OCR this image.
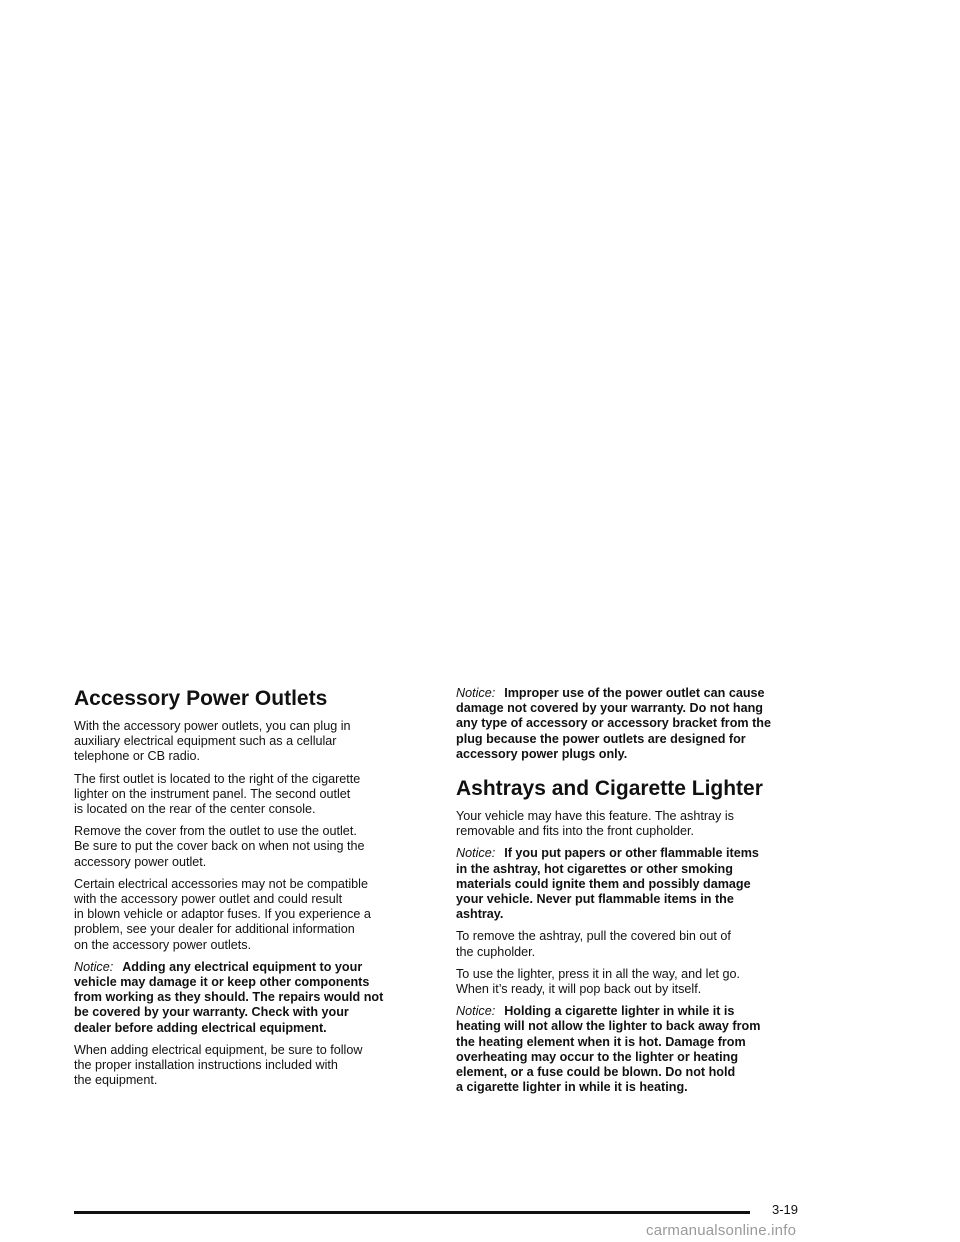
Accessory Power Outlets

With the accessory power outlets, you can plug in
auxiliary electrical equipment such as a cellular
telephone or CB radio.

The first outlet is located to the right of the cigarette
lighter on the instrument panel. The second outlet
is located on the rear of the center console.

Remove the cover from the outlet to use the outlet.
Be sure to put the cover back on when not using the
accessory power outlet.

Certain electrical accessories may not be compatible
with the accessory power outlet and could result
in blown vehicle or adaptor fuses. If you experience a
problem, see your dealer for additional information
on the accessory power outlets.

Notice: Adding any electrical equipment to your
vehicle may damage it or keep other components
from working as they should. The repairs would not
be covered by your warranty. Check with your
dealer before adding electrical equipment.

When adding electrical equipment, be sure to follow
the proper installation instructions included with
the equipment.

Notice: Improper use of the power outlet can cause
damage not covered by your warranty. Do not hang
any type of accessory or accessory bracket from the
plug because the power outlets are designed for
accessory power plugs only.

Ashtrays and Cigarette Lighter

Your vehicle may have this feature. The ashtray is
removable and fits into the front cupholder.

Notice: If you put papers or other flammable items
in the ashtray, hot cigarettes or other smoking
materials could ignite them and possibly damage
your vehicle. Never put flammable items in the
ashtray.

To remove the ashtray, pull the covered bin out of
the cupholder.

To use the lighter, press it in all the way, and let go.
When it’s ready, it will pop back out by itself.

Notice: Holding a cigarette lighter in while it is
heating will not allow the lighter to back away from
the heating element when it is hot. Damage from
overheating may occur to the lighter or heating
element, or a fuse could be blown. Do not hold
a cigarette lighter in while it is heating.

3-19
carmanualsonline.info
